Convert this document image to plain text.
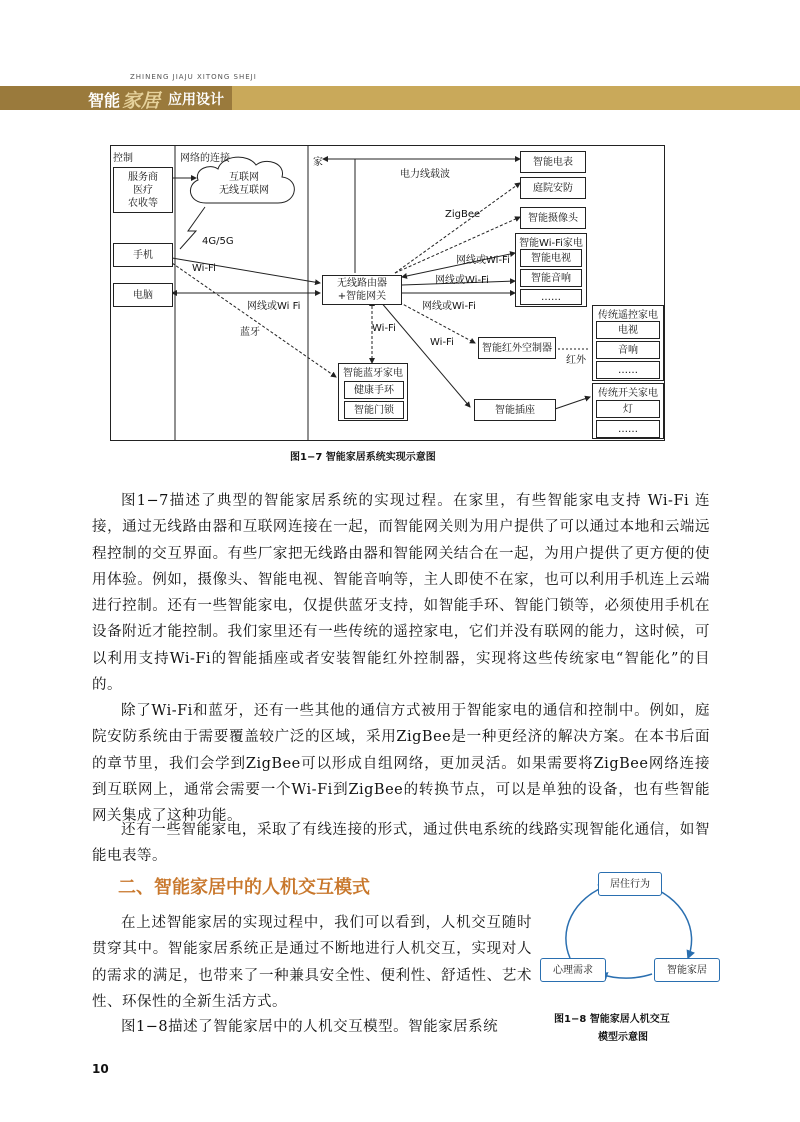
ZHINENG JIAJU XITONG SHEJI
智能 家居 应用设计
控制	网络的连接	家
服务商
医疗
农收等
手机
电脑
互联网
无线互联网
4G/5G
Wi-Fi
网线或Wi Fi
蓝牙
电力线载波
ZigBee
网线或Wi-Fi
网线或Wi-Fi
网线或Wi-Fi
Wi-Fi
Wi-Fi
红外
无线路由器
+智能网关
智能电表
庭院安防
智能摄像头
智能Wi-Fi家电
智能电视
智能音响
……
智能红外空制器
传统遥控家电
电视
音响
……
智能插座
传统开关家电
灯
……
智能蓝牙家电
健康手环
智能门锁
图1−7 智能家居系统实现示意图
图1−7描述了典型的智能家居系统的实现过程。在家里，有些智能家电支持 Wi-Fi 连接，通过无线路由器和互联网连接在一起，而智能网关则为用户提供了可以通过本地和云端远程控制的交互界面。有些厂家把无线路由器和智能网关结合在一起，为用户提供了更方便的使用体验。例如，摄像头、智能电视、智能音响等，主人即使不在家，也可以利用手机连上云端进行控制。还有一些智能家电，仅提供蓝牙支持，如智能手环、智能门锁等，必须使用手机在设备附近才能控制。我们家里还有一些传统的遥控家电，它们并没有联网的能力，这时候，可以利用支持Wi-Fi的智能插座或者安装智能红外控制器，实现将这些传统家电“智能化”的目的。
除了Wi-Fi和蓝牙，还有一些其他的通信方式被用于智能家电的通信和控制中。例如，庭院安防系统由于需要覆盖较广泛的区域，采用ZigBee是一种更经济的解决方案。在本书后面的章节里，我们会学到ZigBee可以形成自组网络，更加灵活。如果需要将ZigBee网络连接到互联网上，通常会需要一个Wi-Fi到ZigBee的转换节点，可以是单独的设备，也有些智能网关集成了这种功能。
还有一些智能家电，采取了有线连接的形式，通过供电系统的线路实现智能化通信，如智能电表等。
二、智能家居中的人机交互模式
在上述智能家居的实现过程中，我们可以看到，人机交互随时贯穿其中。智能家居系统正是通过不断地进行人机交互，实现对人的需求的满足，也带来了一种兼具安全性、便利性、舒适性、艺术性、环保性的全新生活方式。
图1−8描述了智能家居中的人机交互模型。智能家居系统
居住行为
心理需求	智能家居
图1−8 智能家居人机交互
模型示意图
10
